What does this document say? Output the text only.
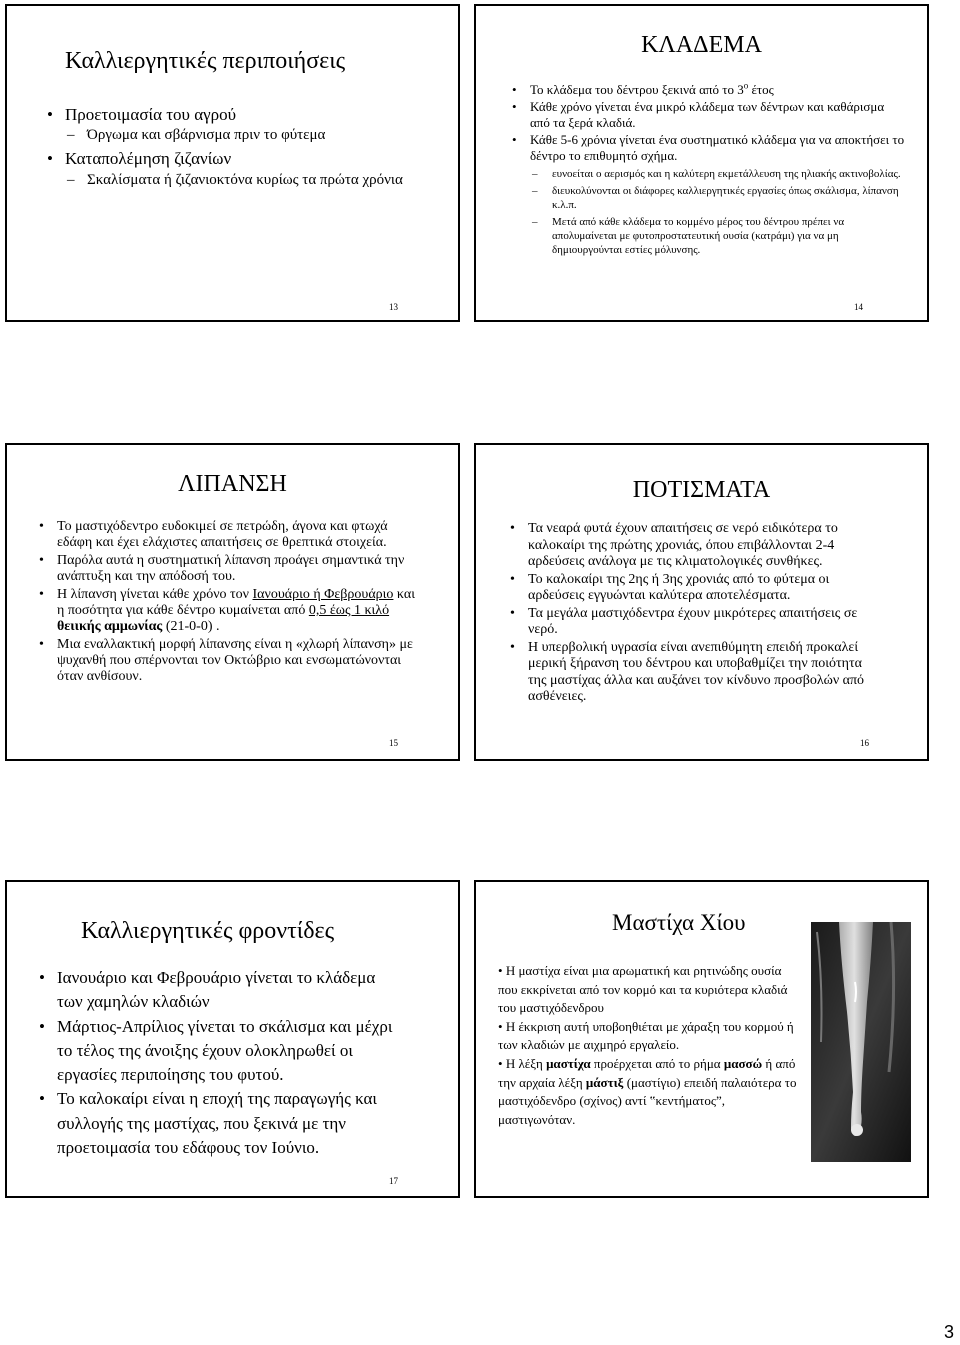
Καλλιεργητικές περιποιήσεις
• Προετοιμασία του αγρού
– Όργωμα και σβάρνισμα πριν το φύτεμα
• Καταπολέμηση ζιζανίων
– Σκαλίσματα ή ζιζανιοκτόνα κυρίως τα πρώτα χρόνια
13
ΚΛΑΔΕΜΑ
• Το κλάδεμα του δέντρου ξεκινά από το $3^o$ έτος
• Κάθε χρόνο γίνεται ένα μικρό κλάδεμα των δέντρων και καθάρισμα από τα ξερά κλαδιά.
• Κάθε 5-6 χρόνια γίνεται ένα συστηματικό κλάδεμα για να αποκτήσει το δέντρο το επιθυμητό σχήμα.
– ευνοείται ο αερισμός και η καλύτερη εκμετάλλευση της ηλιακής ακτινοβολίας.
– διευκολύνονται οι διάφορες καλλιεργητικές εργασίες όπως σκάλισμα, λίπανση κ.λ.π.
– Μετά από κάθε κλάδεμα το κομμένο μέρος του δέντρου πρέπει να απολυμαίνεται με φυτοπροστατευτική ουσία (κατράμι) για να μη δημιουργούνται εστίες μόλυνσης.
14
ΛΙΠΑΝΣΗ
• Το μαστιχόδεντρο ευδοκιμεί σε πετρώδη, άγονα και φτωχά εδάφη και έχει ελάχιστες απαιτήσεις σε θρεπτικά στοιχεία.
• Παρόλα αυτά η συστηματική λίπανση προάγει σημαντικά την ανάπτυξη και την απόδοσή του.
• Η λίπανση γίνεται κάθε χρόνο τον Ιανουάριο ή Φεβρουάριο και η ποσότητα για κάθε δέντρο κυμαίνεται από 0,5 έως 1 κιλό θειικής αμμωνίας (21-0-0) .
• Μια εναλλακτική μορφή λίπανσης είναι η «χλωρή λίπανση» με ψυχανθή που σπέρνονται τον Οκτώβριο και ενσωματώνονται όταν ανθίσουν.
15
ΠΟΤΙΣΜΑΤΑ
• Τα νεαρά φυτά έχουν απαιτήσεις σε νερό ειδικότερα το καλοκαίρι της πρώτης χρονιάς, όπου επιβάλλονται 2-4 αρδεύσεις ανάλογα με τις κλιματολογικές συνθήκες.
• Το καλοκαίρι της 2ης ή 3ης χρονιάς από το φύτεμα οι αρδεύσεις εγγυώνται καλύτερα αποτελέσματα.
• Τα μεγάλα μαστιχόδεντρα έχουν μικρότερες απαιτήσεις σε νερό.
• Η υπερβολική υγρασία είναι ανεπιθύμητη επειδή προκαλεί μερική ξήρανση του δέντρου και υποβαθμίζει την ποιότητα της μαστίχας άλλα και αυξάνει τον κίνδυνο προσβολών από ασθένειες.
16
Καλλιεργητικές φροντίδες
• Ιανουάριο και Φεβρουάριο γίνεται το κλάδεμα των χαμηλών κλαδιών
• Μάρτιος-Απρίλιος γίνεται το σκάλισμα και μέχρι το τέλος της άνοιξης έχουν ολοκληρωθεί οι εργασίες περιποίησης του φυτού.
• Το καλοκαίρι είναι η εποχή της παραγωγής και συλλογής της μαστίχας, που ξεκινά με την προετοιμασία του εδάφους τον Ιούνιο.
17
Μαστίχα Χίου
• Η μαστίχα είναι μια αρωματική και ρητινώδης ουσία που εκκρίνεται από τον κορμό και τα κυριότερα κλαδιά του μαστιχόδενδρου
• Η έκκριση αυτή υποβοηθιέται με χάραξη του κορμού ή των κλαδιών με αιχμηρό εργαλείο.
• Η λέξη μαστίχα προέρχεται από το ρήμα μασσώ ή από την αρχαία λέξη μάστιξ (μαστίγιο) επειδή παλαιότερα το μαστιχόδενδρο (σχίνος) αντί ‟κεντήματος”, μαστιγωνόταν.
3
